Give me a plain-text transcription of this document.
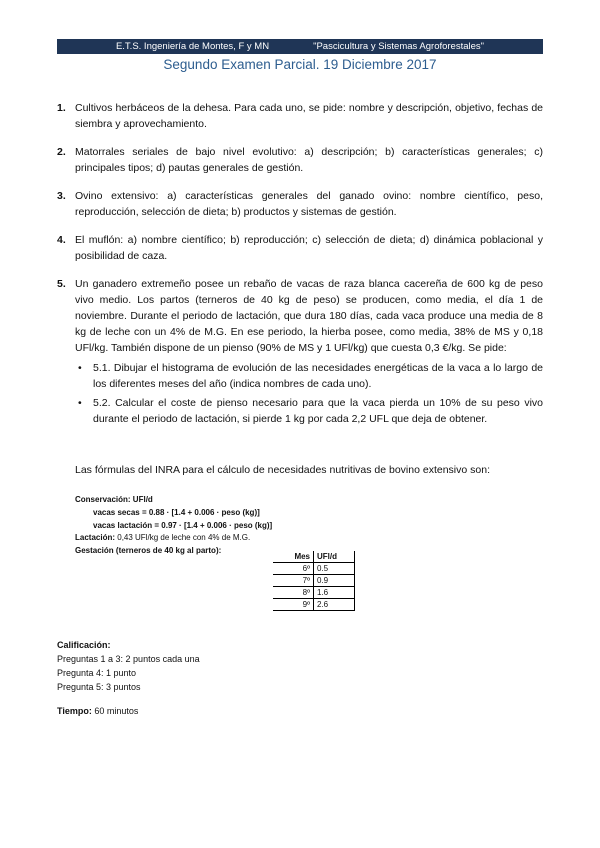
E.T.S. Ingeniería de Montes, F y MN	"Pascicultura y Sistemas Agroforestales"
Segundo Examen Parcial. 19 Diciembre 2017
1. Cultivos herbáceos de la dehesa. Para cada uno, se pide: nombre y descripción, objetivo, fechas de siembra y aprovechamiento.
2. Matorrales seriales de bajo nivel evolutivo: a) descripción; b) características generales; c) principales tipos; d) pautas generales de gestión.
3. Ovino extensivo: a) características generales del ganado ovino: nombre científico, peso, reproducción, selección de dieta; b) productos y sistemas de gestión.
4. El muflón: a) nombre científico; b) reproducción; c) selección de dieta; d) dinámica poblacional y posibilidad de caza.
5. Un ganadero extremeño posee un rebaño de vacas de raza blanca cacereña de 600 kg de peso vivo medio. Los partos (terneros de 40 kg de peso) se producen, como media, el día 1 de noviembre. Durante el periodo de lactación, que dura 180 días, cada vaca produce una media de 8 kg de leche con un 4% de M.G. En ese periodo, la hierba posee, como media, 38% de MS y 0,18 UFl/kg. También dispone de un pienso (90% de MS y 1 UFl/kg) que cuesta 0,3 €/kg. Se pide:
• 5.1. Dibujar el histograma de evolución de las necesidades energéticas de la vaca a lo largo de los diferentes meses del año (indica nombres de cada uno).
• 5.2. Calcular el coste de pienso necesario para que la vaca pierda un 10% de su peso vivo durante el periodo de lactación, si pierde 1 kg por cada 2,2 UFL que deja de obtener.
Las fórmulas del INRA para el cálculo de necesidades nutritivas de bovino extensivo son:
Conservación: UFl/d
vacas secas = 0.88 · [1.4 + 0.006 · peso (kg)]
vacas lactación = 0.97 · [1.4 + 0.006 · peso (kg)]
Lactación: 0,43 UFl/kg de leche con 4% de M.G.
Gestación (terneros de 40 kg al parto):
Mes	UFl/d
6º	0.5
7º	0.9
8º	1.6
9º	2.6
Calificación:
Preguntas 1 a 3: 2 puntos cada una
Pregunta 4: 1 punto
Pregunta 5: 3 puntos
Tiempo: 60 minutos
